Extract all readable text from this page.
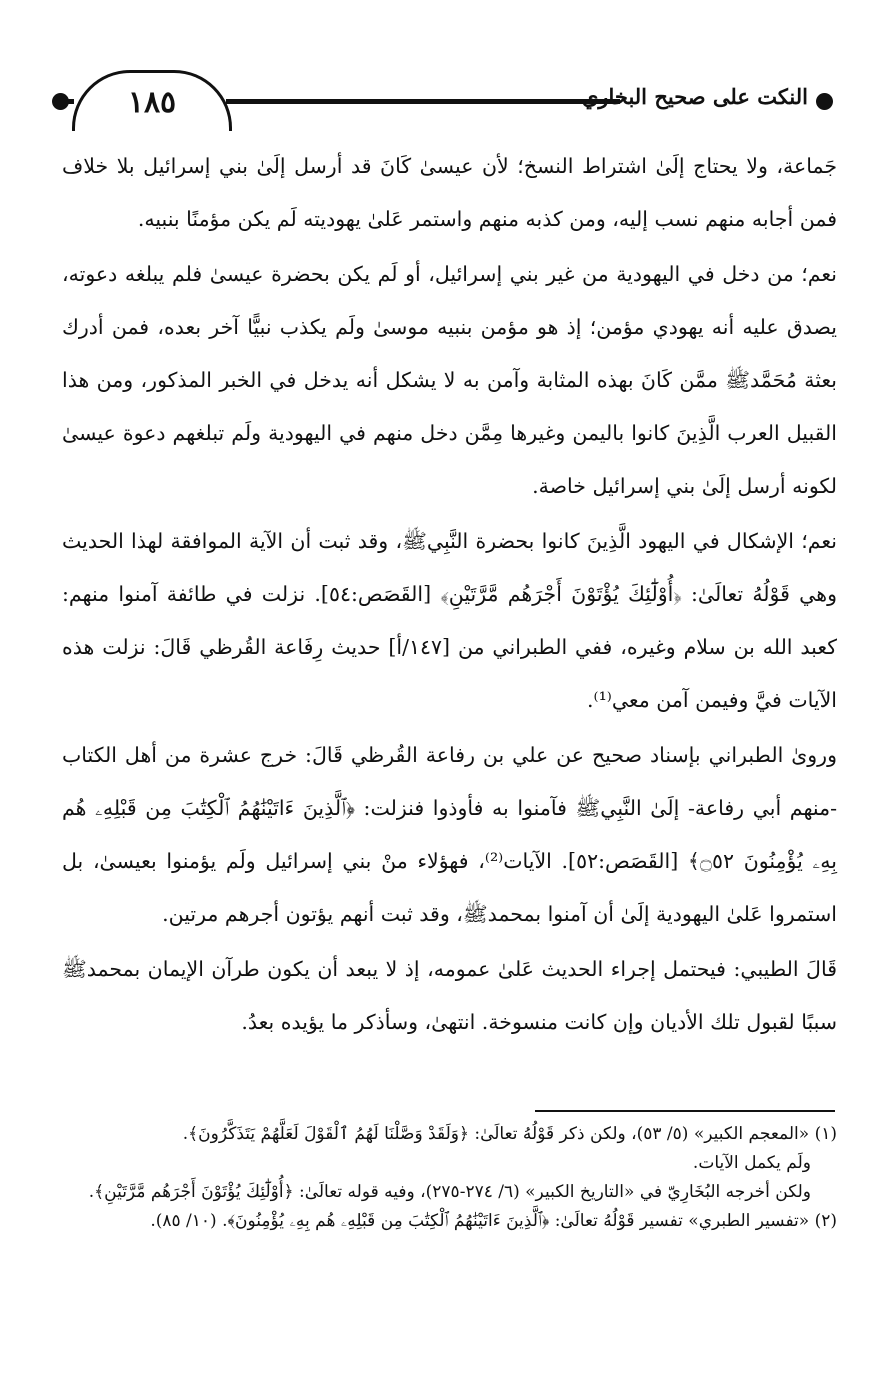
١٨٥	النكت على صحيح البخاري

جَماعة، ولا يحتاج إلَىٰ اشتراط النسخ؛ لأن عيسىٰ كَانَ قد أرسل إلَىٰ بني إسرائيل بلا خلاف فمن أجابه منهم نسب إليه، ومن كذبه منهم واستمر عَلىٰ يهوديته لَم يكن مؤمنًا بنبيه.

نعم؛ من دخل في اليهودية من غير بني إسرائيل، أو لَم يكن بحضرة عيسىٰ فلم يبلغه دعوته، يصدق عليه أنه يهودي مؤمن؛ إذ هو مؤمن بنبيه موسىٰ ولَم يكذب نبيًّا آخر بعده، فمن أدرك بعثة مُحَمَّدﷺ ممَّن كَانَ بهذه المثابة وآمن به لا يشكل أنه يدخل في الخبر المذكور، ومن هذا القبيل العرب الَّذِينَ كانوا باليمن وغيرها مِمَّن دخل منهم في اليهودية ولَم تبلغهم دعوة عيسىٰ لكونه أرسل إلَىٰ بني إسرائيل خاصة.

نعم؛ الإشكال في اليهود الَّذِينَ كانوا بحضرة النَّبِيﷺ، وقد ثبت أن الآية الموافقة لهذا الحديث وهي قَوْلُهُ تعالَىٰ: ﴿أُوْلَٰٓئِكَ يُؤْتَوْنَ أَجْرَهُم مَّرَّتَيْنِ﴾ [القَصَص:٥٤]. نزلت في طائفة آمنوا منهم: كعبد الله بن سلام وغيره، ففي الطبراني من [١٤٧/أ] حديث رِفَاعة القُرظي قَالَ: نزلت هذه الآيات فيَّ وفيمن آمن معي⁽¹⁾.

وروىٰ الطبراني بإسناد صحيح عن علي بن رفاعة القُرظي قَالَ: خرج عشرة من أهل الكتاب -منهم أبي رفاعة- إلَىٰ النَّبِيﷺ فآمنوا به فأوذوا فنزلت: ﴿ٱلَّذِينَ ءَاتَيْنَٰهُمُ ٱلْكِتَٰبَ مِن قَبْلِهِۦ هُم بِهِۦ يُؤْمِنُونَ ۝٥٢﴾ [القَصَص:٥٢]. الآيات⁽²⁾، فهؤلاء منْ بني إسرائيل ولَم يؤمنوا بعيسىٰ، بل استمروا عَلىٰ اليهودية إلَىٰ أن آمنوا بمحمدﷺ، وقد ثبت أنهم يؤتون أجرهم مرتين.

قَالَ الطيبي: فيحتمل إجراء الحديث عَلىٰ عمومه، إذ لا يبعد أن يكون طرآن الإيمان بمحمدﷺ سببًا لقبول تلك الأديان وإن كانت منسوخة. انتهىٰ، وسأذكر ما يؤيده بعدُ.

(١) «المعجم الكبير» (٥/ ٥٣)، ولكن ذكر قَوْلُهُ تعالَىٰ: ﴿وَلَقَدْ وَصَّلْنَا لَهُمُ ٱلْقَوْلَ لَعَلَّهُمْ يَتَذَكَّرُونَ﴾.

ولَم يكمل الآيات.

ولكن أخرجه البُخَارِيّ في «التاريخ الكبير» (٦/ ٢٧٤-٢٧٥)، وفيه قوله تعالَىٰ: ﴿أُوْلَٰٓئِكَ يُؤْتَوْنَ أَجْرَهُم مَّرَّتَيْنِ﴾.

(٢) «تفسير الطبري» تفسير قَوْلُهُ تعالَىٰ: ﴿ٱلَّذِينَ ءَاتَيْنَٰهُمُ ٱلْكِتَٰبَ مِن قَبْلِهِۦ هُم بِهِۦ يُؤْمِنُونَ﴾. (١٠/ ٨٥).
